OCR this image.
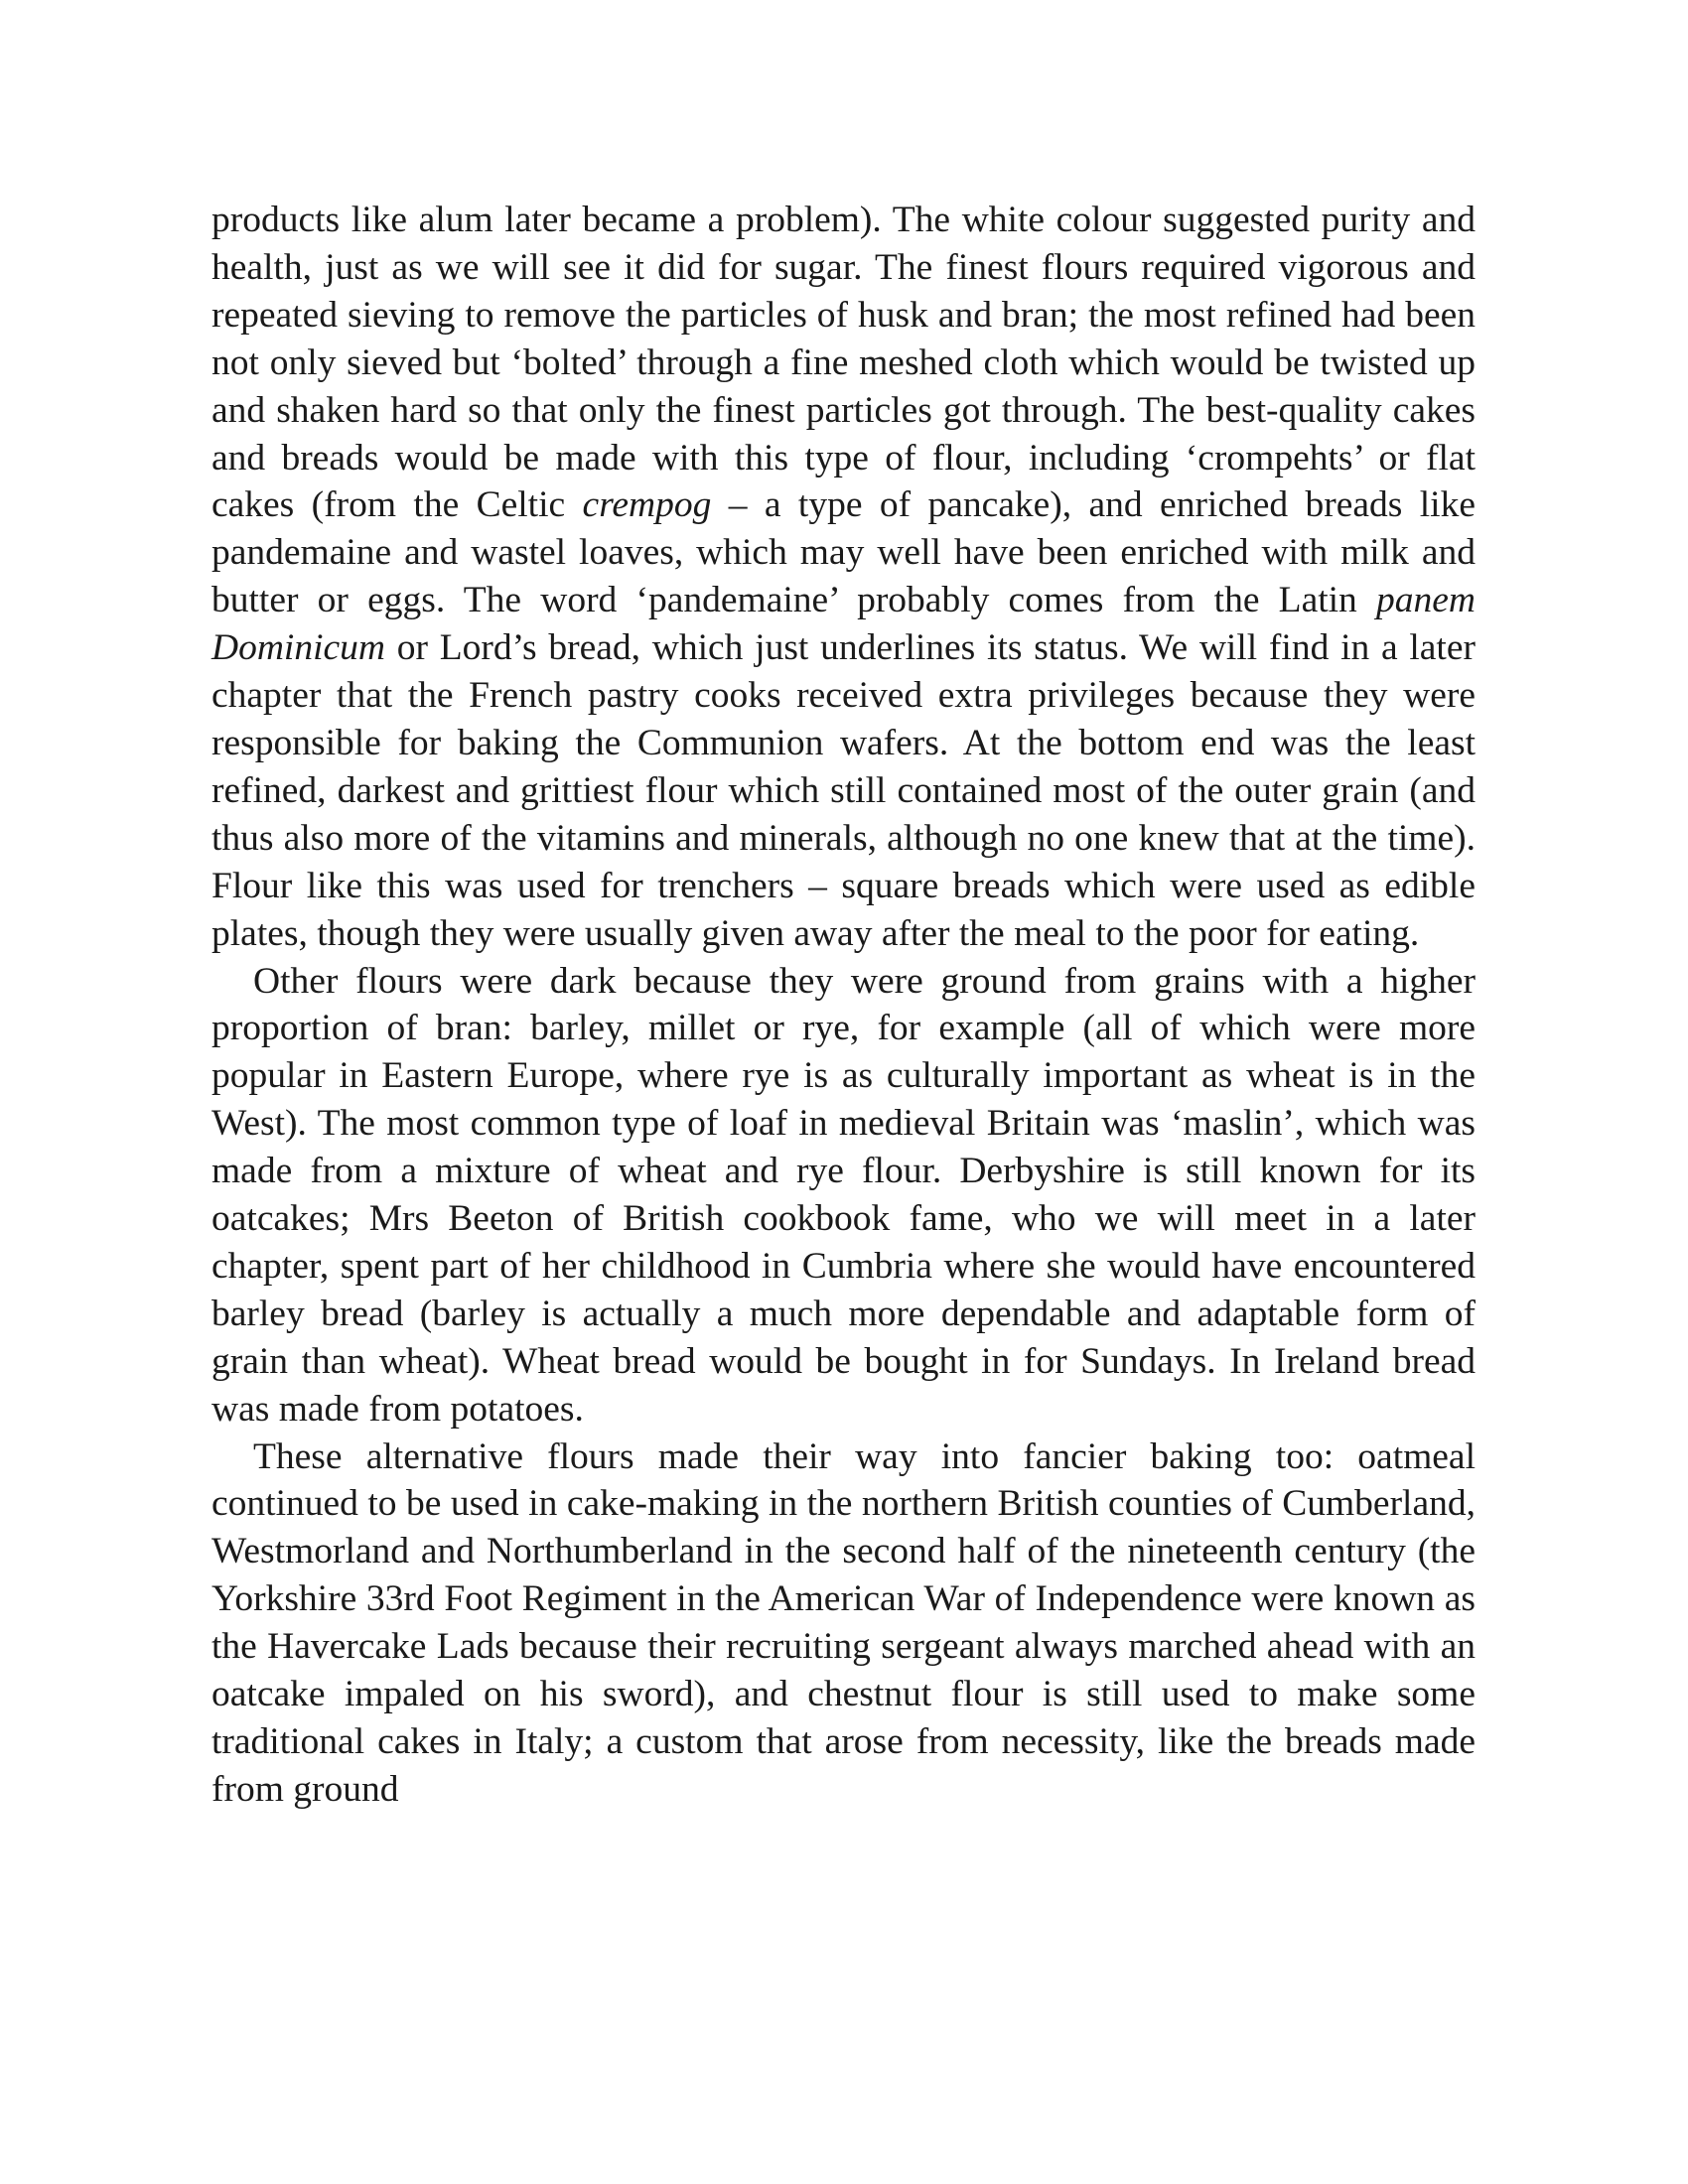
products like alum later became a problem). The white colour suggested purity and health, just as we will see it did for sugar. The finest flours required vigorous and repeated sieving to remove the particles of husk and bran; the most refined had been not only sieved but ‘bolted’ through a fine meshed cloth which would be twisted up and shaken hard so that only the finest particles got through. The best-quality cakes and breads would be made with this type of flour, including ‘crompehts’ or flat cakes (from the Celtic crempog – a type of pancake), and enriched breads like pandemaine and wastel loaves, which may well have been enriched with milk and butter or eggs. The word ‘pandemaine’ probably comes from the Latin panem Dominicum or Lord’s bread, which just underlines its status. We will find in a later chapter that the French pastry cooks received extra privileges because they were responsible for baking the Communion wafers. At the bottom end was the least refined, darkest and grittiest flour which still contained most of the outer grain (and thus also more of the vitamins and minerals, although no one knew that at the time). Flour like this was used for trenchers – square breads which were used as edible plates, though they were usually given away after the meal to the poor for eating.

Other flours were dark because they were ground from grains with a higher proportion of bran: barley, millet or rye, for example (all of which were more popular in Eastern Europe, where rye is as culturally important as wheat is in the West). The most common type of loaf in medieval Britain was ‘maslin’, which was made from a mixture of wheat and rye flour. Derbyshire is still known for its oatcakes; Mrs Beeton of British cookbook fame, who we will meet in a later chapter, spent part of her childhood in Cumbria where she would have encountered barley bread (barley is actually a much more dependable and adaptable form of grain than wheat). Wheat bread would be bought in for Sundays. In Ireland bread was made from potatoes.

These alternative flours made their way into fancier baking too: oatmeal continued to be used in cake-making in the northern British counties of Cumberland, Westmorland and Northumberland in the second half of the nineteenth century (the Yorkshire 33rd Foot Regiment in the American War of Independence were known as the Havercake Lads because their recruiting sergeant always marched ahead with an oatcake impaled on his sword), and chestnut flour is still used to make some traditional cakes in Italy; a custom that arose from necessity, like the breads made from ground
